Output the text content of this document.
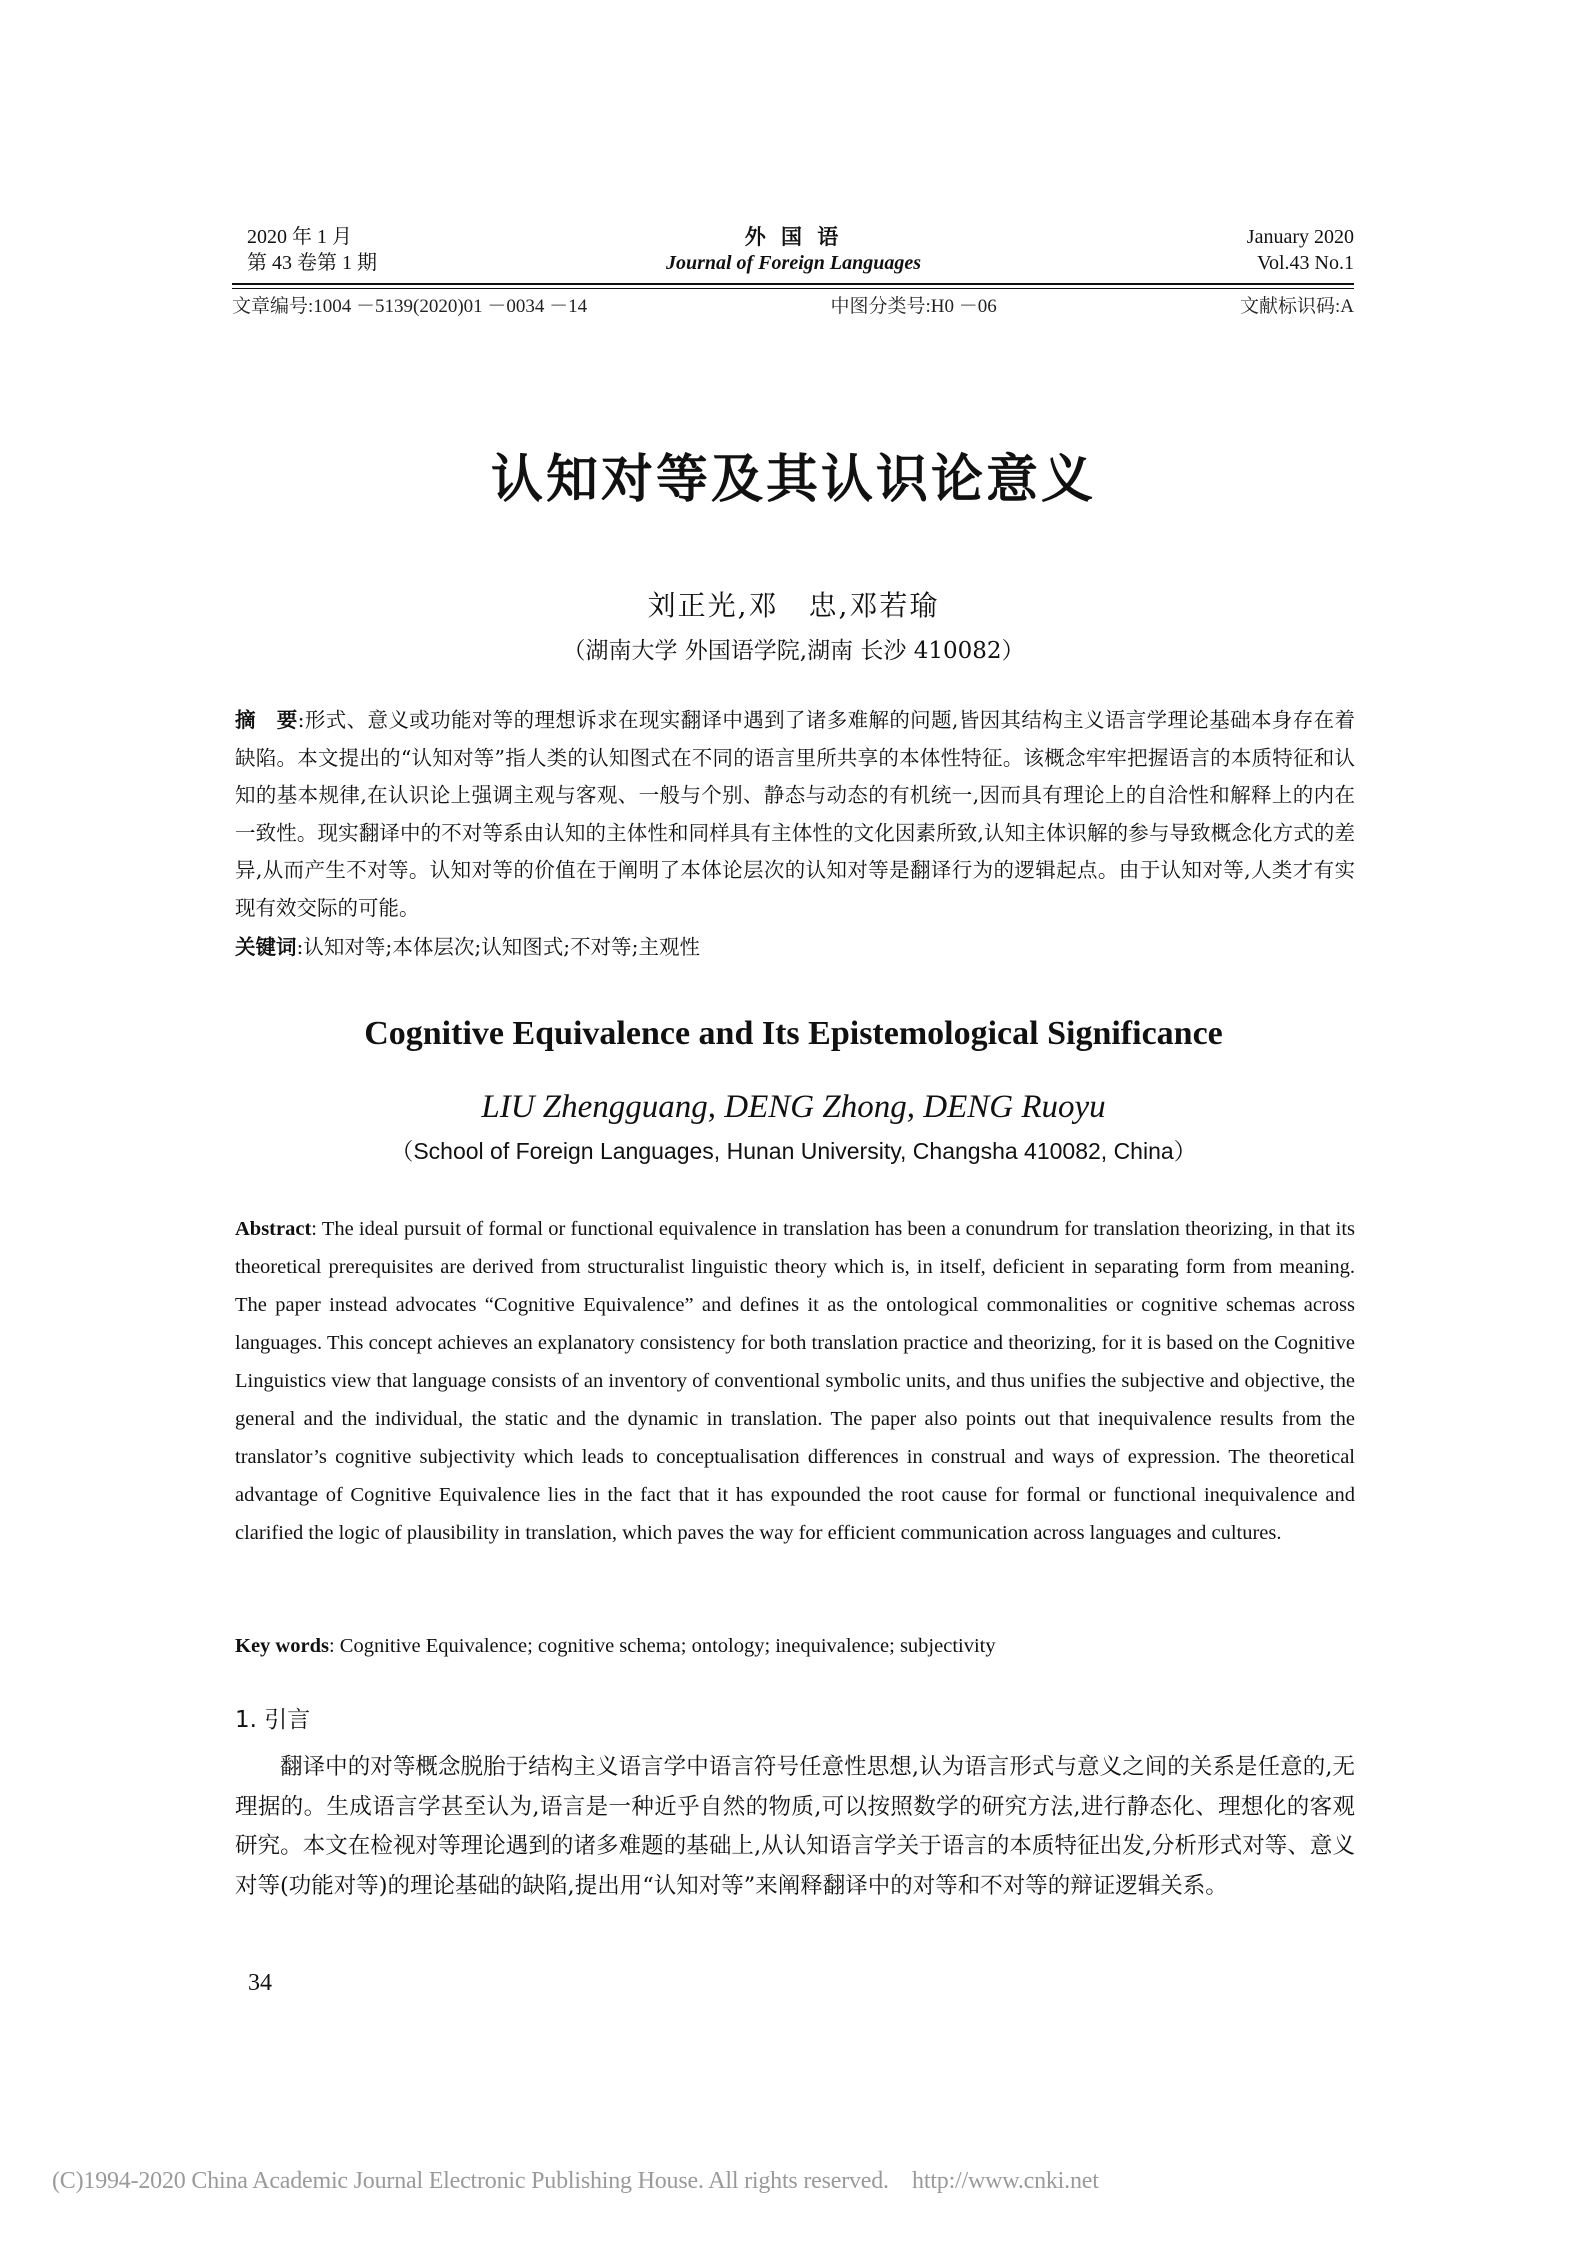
2020 年 1 月
第 43 卷第 1 期
外 国 语
Journal of Foreign Languages
January 2020
Vol.43 No.1
文章编号:1004 －5139(2020)01 －0034 －14	中图分类号:H0 －06	文献标识码:A
认知对等及其认识论意义
刘正光,邓　忠,邓若瑜
（湖南大学 外国语学院,湖南 长沙 410082）
摘　要:形式、意义或功能对等的理想诉求在现实翻译中遇到了诸多难解的问题,皆因其结构主义语言学理论基础本身存在着缺陷。本文提出的“认知对等”指人类的认知图式在不同的语言里所共享的本体性特征。该概念牢牢把握语言的本质特征和认知的基本规律,在认识论上强调主观与客观、一般与个别、静态与动态的有机统一,因而具有理论上的自洽性和解释上的内在一致性。现实翻译中的不对等系由认知的主体性和同样具有主体性的文化因素所致,认知主体识解的参与导致概念化方式的差异,从而产生不对等。认知对等的价值在于阐明了本体论层次的认知对等是翻译行为的逻辑起点。由于认知对等,人类才有实现有效交际的可能。
关键词:认知对等;本体层次;认知图式;不对等;主观性
Cognitive Equivalence and Its Epistemological Significance
LIU Zhengguang, DENG Zhong, DENG Ruoyu
（School of Foreign Languages, Hunan University, Changsha 410082, China）
Abstract: The ideal pursuit of formal or functional equivalence in translation has been a conundrum for translation theorizing, in that its theoretical prerequisites are derived from structuralist linguistic theory which is, in itself, deficient in separating form from meaning. The paper instead advocates “Cognitive Equivalence” and defines it as the ontological commonalities or cognitive schemas across languages. This concept achieves an explanatory consistency for both translation practice and theorizing, for it is based on the Cognitive Linguistics view that language consists of an inventory of conventional symbolic units, and thus unifies the subjective and objective, the general and the individual, the static and the dynamic in translation. The paper also points out that inequivalence results from the translator’s cognitive subjectivity which leads to conceptualisation differences in construal and ways of expression. The theoretical advantage of Cognitive Equivalence lies in the fact that it has expounded the root cause for formal or functional inequivalence and clarified the logic of plausibility in translation, which paves the way for efficient communication across languages and cultures.
Key words: Cognitive Equivalence; cognitive schema; ontology; inequivalence; subjectivity
1. 引言
翻译中的对等概念脱胎于结构主义语言学中语言符号任意性思想,认为语言形式与意义之间的关系是任意的,无理据的。生成语言学甚至认为,语言是一种近乎自然的物质,可以按照数学的研究方法,进行静态化、理想化的客观研究。本文在检视对等理论遇到的诸多难题的基础上,从认知语言学关于语言的本质特征出发,分析形式对等、意义对等(功能对等)的理论基础的缺陷,提出用“认知对等”来阐释翻译中的对等和不对等的辩证逻辑关系。
34
(C)1994-2020 China Academic Journal Electronic Publishing House. All rights reserved.    http://www.cnki.net
